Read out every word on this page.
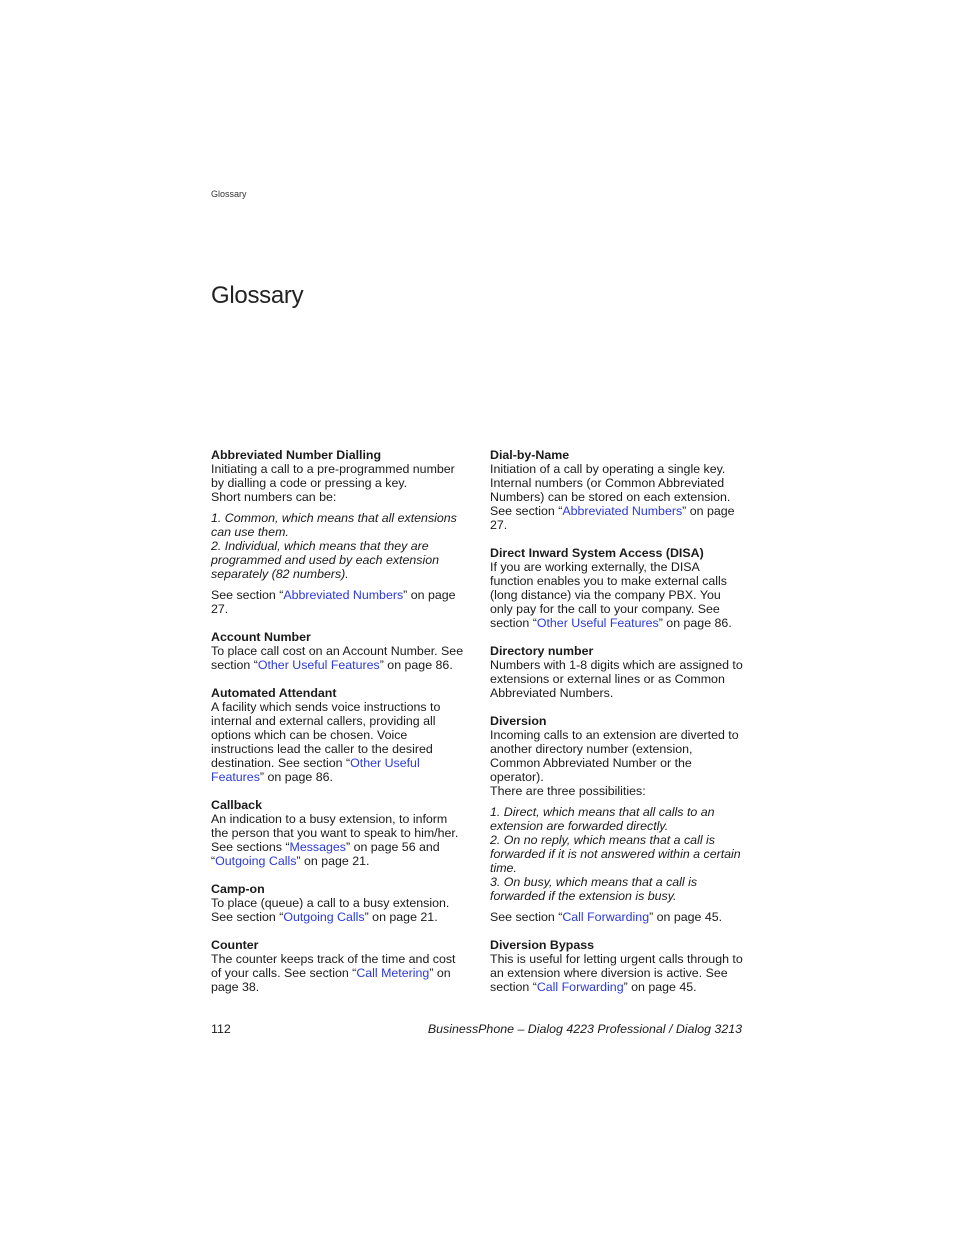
Glossary
Glossary
Abbreviated Number Dialling
Initiating a call to a pre-programmed number by dialling a code or pressing a key.
Short numbers can be:
1. Common, which means that all extensions can use them.
2. Individual, which means that they are programmed and used by each extension separately (82 numbers).
See section “Abbreviated Numbers” on page 27.
Account Number
To place call cost on an Account Number. See section “Other Useful Features” on page 86.
Automated Attendant
A facility which sends voice instructions to internal and external callers, providing all options which can be chosen. Voice instructions lead the caller to the desired destination. See section “Other Useful Features” on page 86.
Callback
An indication to a busy extension, to inform the person that you want to speak to him/her. See sections “Messages” on page 56 and “Outgoing Calls” on page 21.
Camp-on
To place (queue) a call to a busy extension. See section “Outgoing Calls” on page 21.
Counter
The counter keeps track of the time and cost of your calls. See section “Call Metering” on page 38.
Dial-by-Name
Initiation of a call by operating a single key. Internal numbers (or Common Abbreviated Numbers) can be stored on each extension. See section “Abbreviated Numbers” on page 27.
Direct Inward System Access (DISA)
If you are working externally, the DISA function enables you to make external calls (long distance) via the company PBX. You only pay for the call to your company. See section “Other Useful Features” on page 86.
Directory number
Numbers with 1-8 digits which are assigned to extensions or external lines or as Common Abbreviated Numbers.
Diversion
Incoming calls to an extension are diverted to another directory number (extension, Common Abbreviated Number or the operator).
There are three possibilities:
1. Direct, which means that all calls to an extension are forwarded directly.
2. On no reply, which means that a call is forwarded if it is not answered within a certain time.
3. On busy, which means that a call is forwarded if the extension is busy.
See section “Call Forwarding” on page 45.
Diversion Bypass
This is useful for letting urgent calls through to an extension where diversion is active. See section “Call Forwarding” on page 45.
112	BusinessPhone – Dialog 4223 Professional / Dialog 3213
